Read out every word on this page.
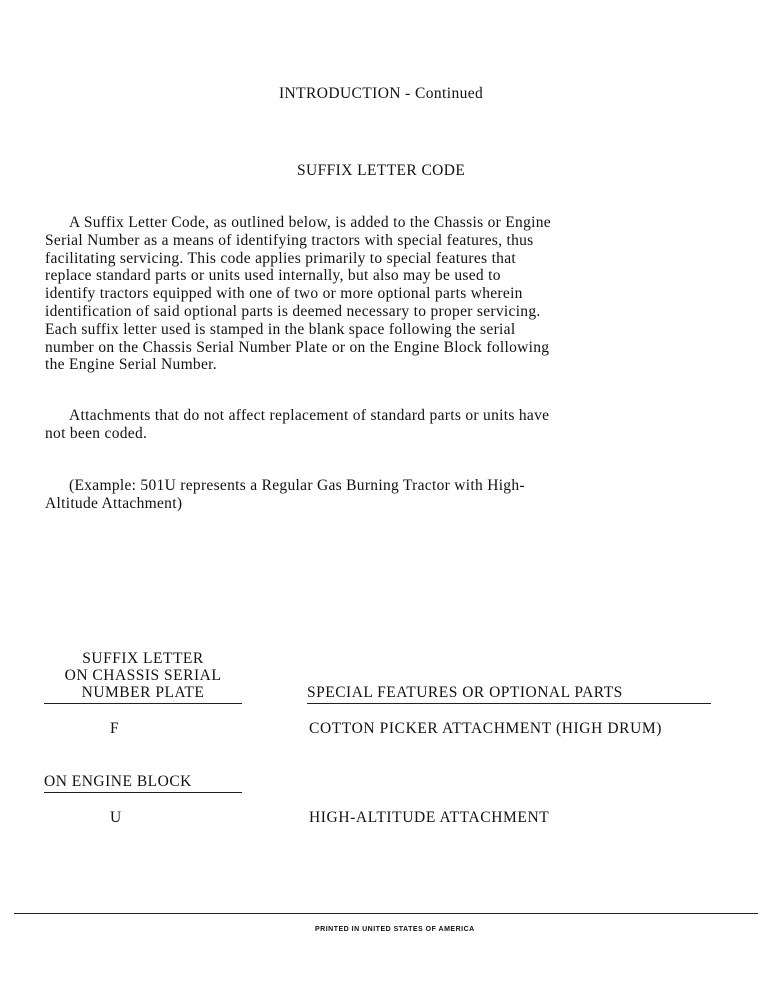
INTRODUCTION - Continued
SUFFIX LETTER CODE
A Suffix Letter Code, as outlined below, is added to the Chassis or Engine
Serial Number as a means of identifying tractors with special features, thus
facilitating servicing. This code applies primarily to special features that
replace standard parts or units used internally, but also may be used to
identify tractors equipped with one of two or more optional parts wherein
identification of said optional parts is deemed necessary to proper servicing.
Each suffix letter used is stamped in the blank space following the serial
number on the Chassis Serial Number Plate or on the Engine Block following
the Engine Serial Number.
Attachments that do not affect replacement of standard parts or units have
not been coded.
(Example: 501U represents a Regular Gas Burning Tractor with High-
Altitude Attachment)
SUFFIX LETTER
ON CHASSIS SERIAL
NUMBER PLATE	SPECIAL FEATURES OR OPTIONAL PARTS
F	COTTON PICKER ATTACHMENT (HIGH DRUM)
ON ENGINE BLOCK
U	HIGH-ALTITUDE ATTACHMENT
PRINTED IN UNITED STATES OF AMERICA
